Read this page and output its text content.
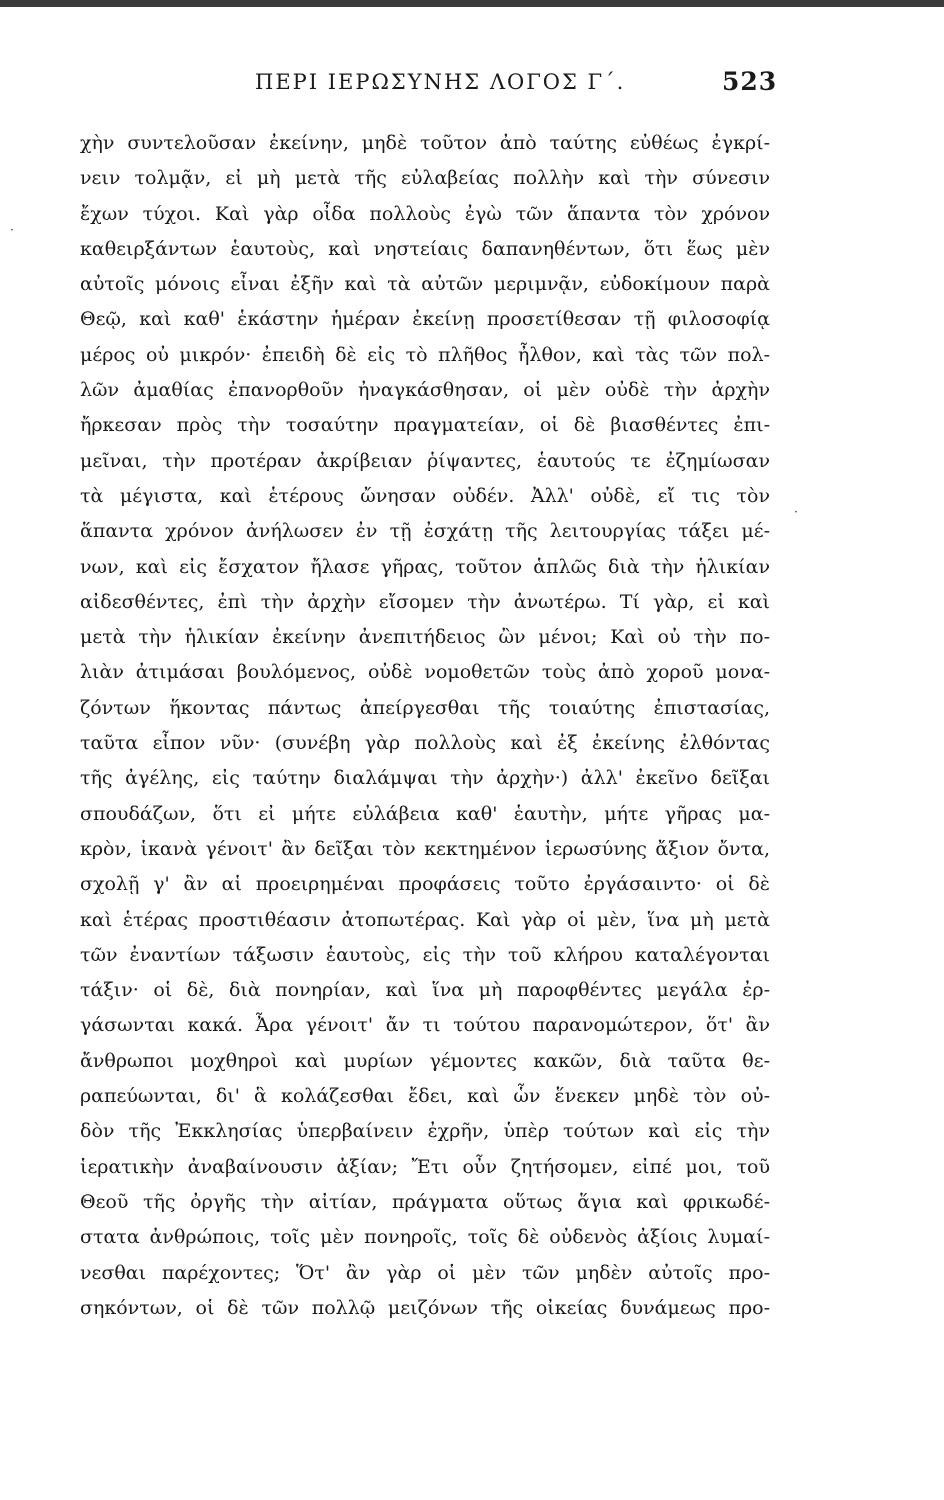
ΠΕΡΙ ΙΕΡΩΣΥΝΗΣ ΛΟΓΟΣ Γ΄.	523
·
·
χὴν συντελοῦσαν ἐκείνην, μηδὲ τοῦτον ἀπὸ ταύτης εὐθέως ἐγκρί-
νειν τολμᾷν, εἰ μὴ μετὰ τῆς εὐλαβείας πολλὴν καὶ τὴν σύνεσιν
ἔχων τύχοι. Καὶ γὰρ οἶδα πολλοὺς ἐγὼ τῶν ἅπαντα τὸν χρόνον
καθειρξάντων ἑαυτοὺς, καὶ νηστείαις δαπανηθέντων, ὅτι ἕως μὲν
αὐτοῖς μόνοις εἶναι ἐξῆν καὶ τὰ αὐτῶν μεριμνᾷν, εὐδοκίμουν παρὰ
Θεῷ, καὶ καθ' ἑκάστην ἡμέραν ἐκείνῃ προσετίθεσαν τῇ φιλοσοφίᾳ
μέρος οὐ μικρόν· ἐπειδὴ δὲ εἰς τὸ πλῆθος ἦλθον, καὶ τὰς τῶν πολ-
λῶν ἀμαθίας ἐπανορθοῦν ἠναγκάσθησαν, οἱ μὲν οὐδὲ τὴν ἀρχὴν
ἤρκεσαν πρὸς τὴν τοσαύτην πραγματείαν, οἱ δὲ βιασθέντες ἐπι-
μεῖναι, τὴν προτέραν ἀκρίβειαν ῥίψαντες, ἑαυτούς τε ἐζημίωσαν
τὰ μέγιστα, καὶ ἑτέρους ὤνησαν οὐδέν. Ἀλλ' οὐδὲ, εἴ τις τὸν
ἅπαντα χρόνον ἀνήλωσεν ἐν τῇ ἐσχάτῃ τῆς λειτουργίας τάξει μέ-
νων, καὶ εἰς ἔσχατον ἤλασε γῆρας, τοῦτον ἁπλῶς διὰ τὴν ἡλικίαν
αἰδεσθέντες, ἐπὶ τὴν ἀρχὴν εἴσομεν τὴν ἀνωτέρω. Τί γὰρ, εἰ καὶ
μετὰ τὴν ἡλικίαν ἐκείνην ἀνεπιτήδειος ὢν μένοι; Καὶ οὐ τὴν πο-
λιὰν ἀτιμάσαι βουλόμενος, οὐδὲ νομοθετῶν τοὺς ἀπὸ χοροῦ μονα-
ζόντων ἥκοντας πάντως ἀπείργεσθαι τῆς τοιαύτης ἐπιστασίας,
ταῦτα εἶπον νῦν· (συνέβη γὰρ πολλοὺς καὶ ἐξ ἐκείνης ἐλθόντας
τῆς ἀγέλης, εἰς ταύτην διαλάμψαι τὴν ἀρχὴν·) ἀλλ' ἐκεῖνο δεῖξαι
σπουδάζων, ὅτι εἰ μήτε εὐλάβεια καθ' ἑαυτὴν, μήτε γῆρας μα-
κρὸν, ἱκανὰ γένοιτ' ἂν δεῖξαι τὸν κεκτημένον ἱερωσύνης ἄξιον ὄντα,
σχολῇ γ' ἂν αἱ προειρημέναι προφάσεις τοῦτο ἐργάσαιντο· οἱ δὲ
καὶ ἑτέρας προστιθέασιν ἀτοπωτέρας. Καὶ γὰρ οἱ μὲν, ἵνα μὴ μετὰ
τῶν ἐναντίων τάξωσιν ἑαυτοὺς, εἰς τὴν τοῦ κλήρου καταλέγονται
τάξιν· οἱ δὲ, διὰ πονηρίαν, καὶ ἵνα μὴ παροφθέντες μεγάλα ἐρ-
γάσωνται κακά. Ἆρα γένοιτ' ἄν τι τούτου παρανομώτερον, ὅτ' ἂν
ἄνθρωποι μοχθηροὶ καὶ μυρίων γέμοντες κακῶν, διὰ ταῦτα θε-
ραπεύωνται, δι' ἃ κολάζεσθαι ἔδει, καὶ ὧν ἕνεκεν μηδὲ τὸν οὐ-
δὸν τῆς Ἐκκλησίας ὑπερβαίνειν ἐχρῆν, ὑπὲρ τούτων καὶ εἰς τὴν
ἱερατικὴν ἀναβαίνουσιν ἀξίαν; Ἔτι οὖν ζητήσομεν, εἰπέ μοι, τοῦ
Θεοῦ τῆς ὀργῆς τὴν αἰτίαν, πράγματα οὕτως ἅγια καὶ φρικωδέ-
στατα ἀνθρώποις, τοῖς μὲν πονηροῖς, τοῖς δὲ οὐδενὸς ἀξίοις λυμαί-
νεσθαι παρέχοντες; Ὅτ' ἂν γὰρ οἱ μὲν τῶν μηδὲν αὐτοῖς προ-
σηκόντων, οἱ δὲ τῶν πολλῷ μειζόνων τῆς οἰκείας δυνάμεως προ-
